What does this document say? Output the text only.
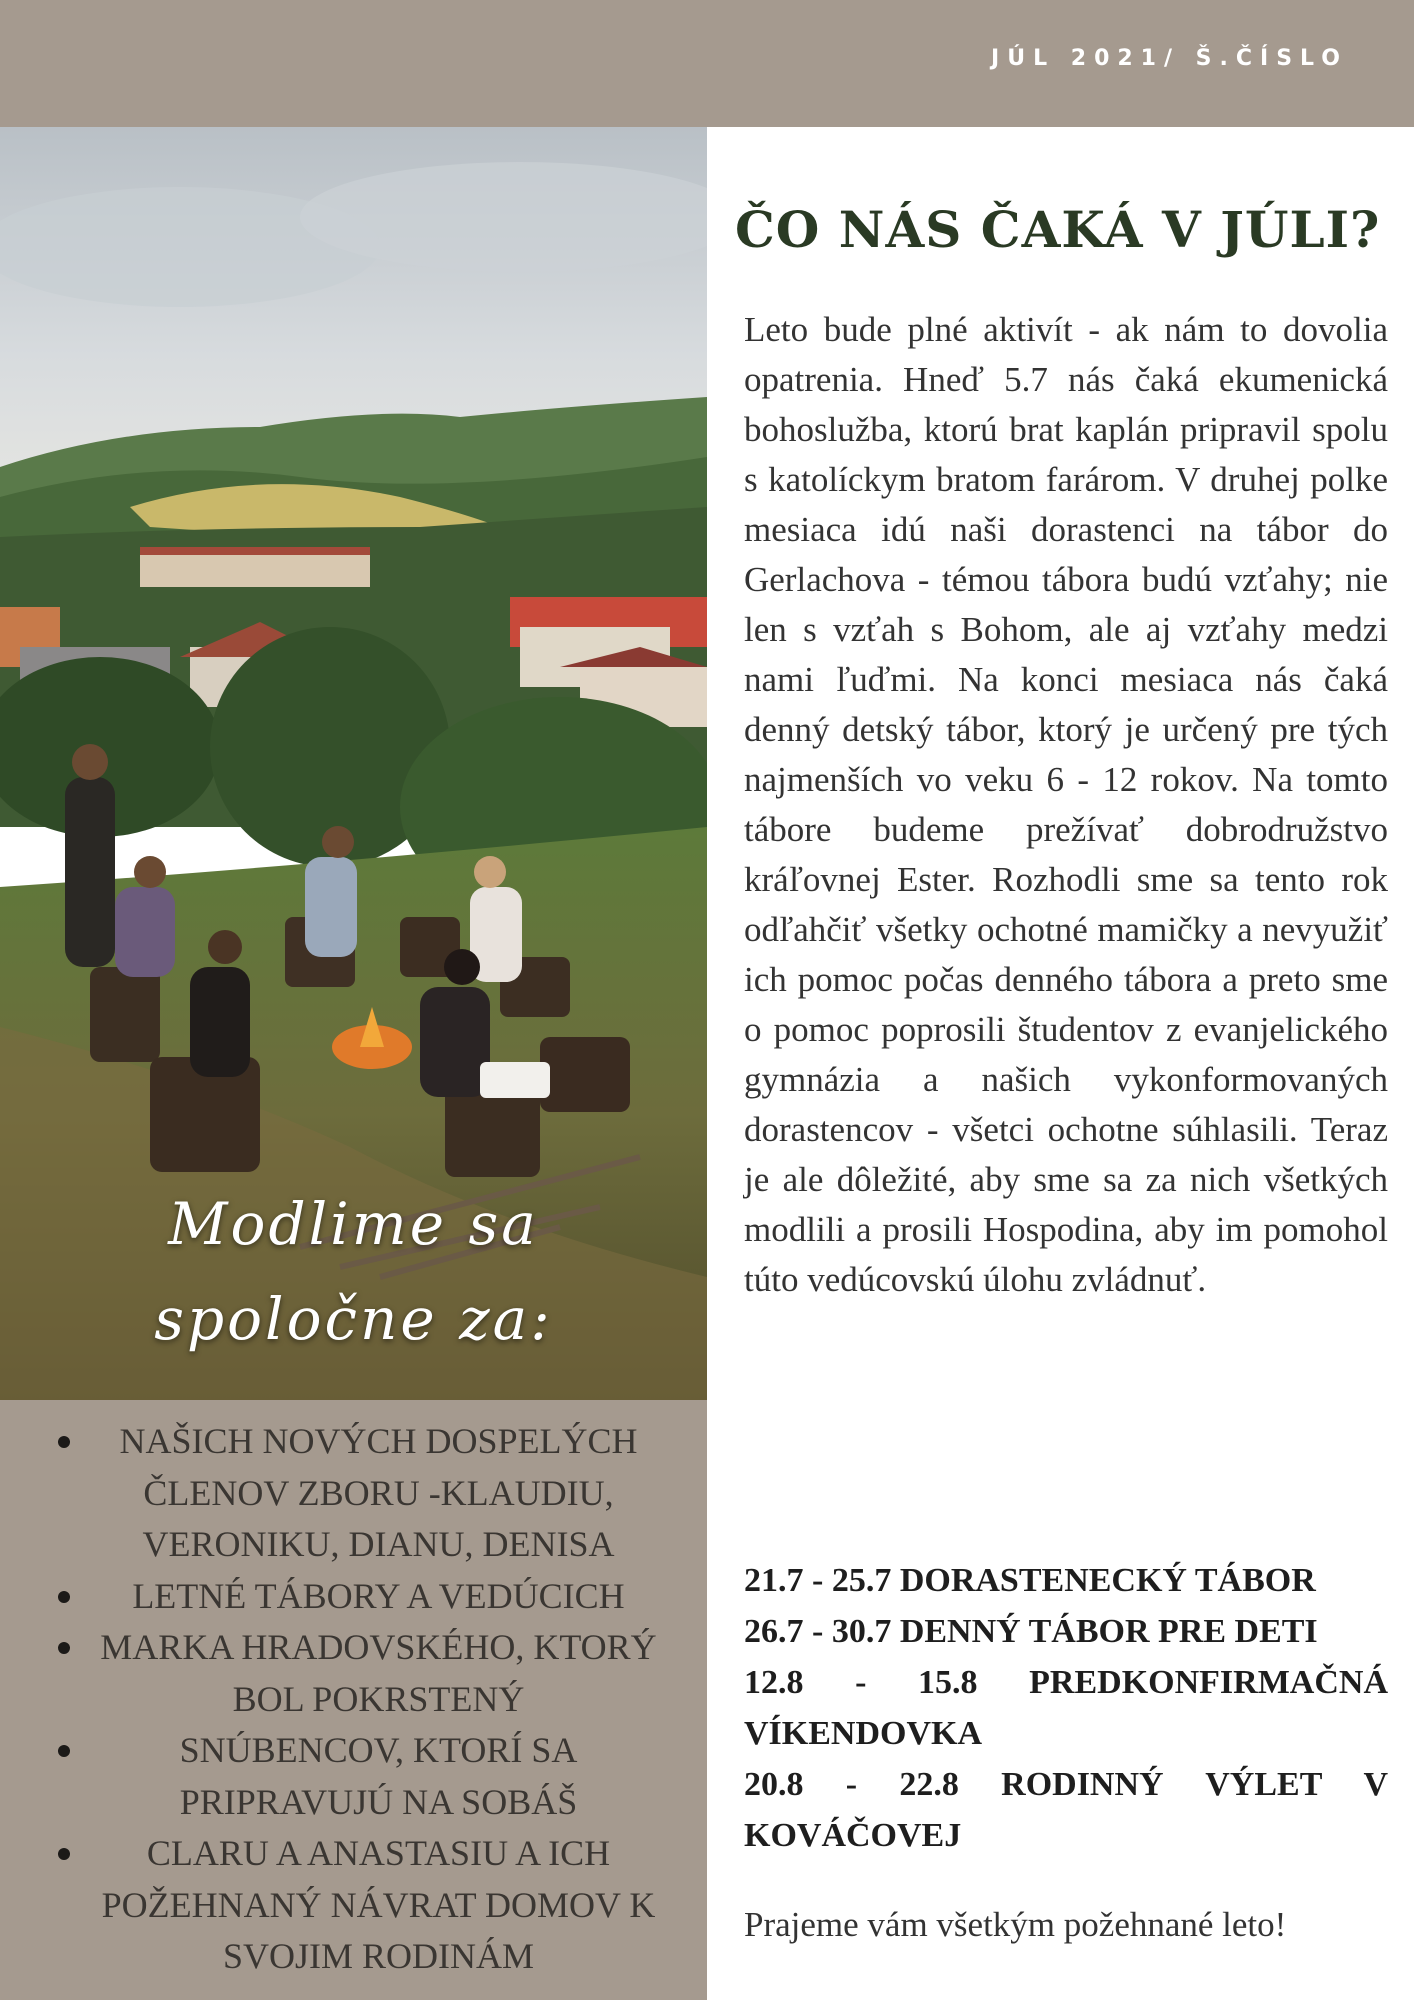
JÚL 2021/ Š.ČÍSLO
Modlime sa
spoločne za:
NAŠICH NOVÝCH DOSPELÝCH ČLENOV ZBORU -KLAUDIU, VERONIKU, DIANU, DENISA
LETNÉ TÁBORY A VEDÚCICH
MARKA HRADOVSKÉHO, KTORÝ BOL POKRSTENÝ
SNÚBENCOV, KTORÍ SA PRIPRAVUJÚ NA SOBÁŠ
CLARU A ANASTASIU A ICH POŽEHNANÝ NÁVRAT DOMOV K SVOJIM RODINÁM
ČO NÁS ČAKÁ V JÚLI?

Leto bude plné aktivít - ak nám to dovolia opatrenia. Hneď 5.7 nás čaká ekumenická bohoslužba, ktorú brat kaplán pripravil spolu s katolíckym bratom farárom. V druhej polke mesiaca idú naši dorastenci na tábor do Gerlachova - témou tábora budú vzťahy; nie len s vzťah s Bohom, ale aj vzťahy medzi nami ľuďmi. Na konci mesiaca nás čaká denný detský tábor, ktorý je určený pre tých najmenších vo veku 6 - 12 rokov. Na tomto tábore budeme prežívať dobrodružstvo kráľovnej Ester. Rozhodli sme sa tento rok odľahčiť všetky ochotné mamičky a nevyužiť ich pomoc počas denného tábora a preto sme o pomoc poprosili študentov z evanjelického gymnázia a našich vykonformovaných dorastencov - všetci ochotne súhlasili. Teraz je ale dôležité, aby sme sa za nich všetkých modlili a prosili Hospodina, aby im pomohol túto vedúcovskú úlohu zvládnuť.

21.7 - 25.7 DORASTENECKÝ TÁBOR
26.7 - 30.7 DENNÝ TÁBOR PRE DETI
12.8 - 15.8 PREDKONFIRMAČNÁ VÍKENDOVKA
20.8 - 22.8 RODINNÝ VÝLET V KOVÁČOVEJ

Prajeme vám všetkým požehnané leto!
